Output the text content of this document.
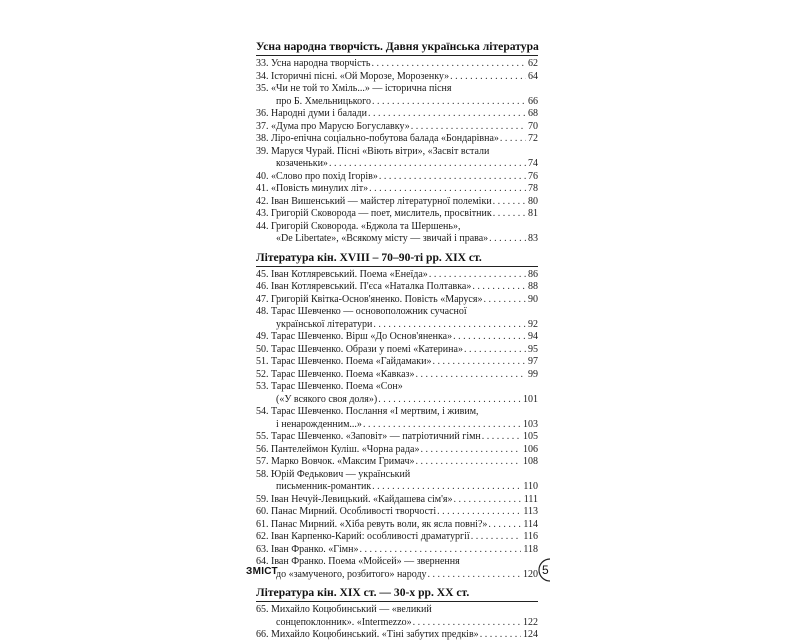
Усна народна творчість. Давня українська література
33. Усна народна творчість . . .	62
34. Історичні пісні. «Ой Морозе, Морозенку» . . .	64
35. «Чи не той то Хміль...» — історична пісня
про Б. Хмельницького . . .	66
36. Народні думи і балади . . .	68
37. «Дума про Марусю Богуславку» . . .	70
38. Ліро-епічна соціально-побутова балада «Бондарівна» . . .	72
39. Маруся Чурай. Пісні «Віють вітри», «Засвіт встали
козаченьки» . . .	74
40. «Слово про похід Ігорів» . . .	76
41. «Повість минулих літ» . . .	78
42. Іван Вишенський — майстер літературної полеміки . . .	80
43. Григорій Сковорода — поет, мислитель, просвітник . . .	81
44. Григорій Сковорода. «Бджола та Шершень»,
«De Libertate», «Всякому місту — звичай і права» . . .	83
Література кін. XVIII – 70–90-ті рр. XIX ст.
45. Іван Котляревський. Поема «Енеїда» . . .	86
46. Іван Котляревський. П'єса «Наталка Полтавка» . . .	88
47. Григорій Квітка-Основ'яненко. Повість «Маруся» . . .	90
48. Тарас Шевченко — основоположник сучасної
української літератури . . .	92
49. Тарас Шевченко. Вірш «До Основ'яненка» . . .	94
50. Тарас Шевченко. Образи у поемі «Катерина» . . .	95
51. Тарас Шевченко. Поема «Гайдамаки» . . .	97
52. Тарас Шевченко. Поема «Кавказ» . . .	99
53. Тарас Шевченко. Поема «Сон»
(«У всякого своя доля») . . .	101
54. Тарас Шевченко. Послання «І мертвим, і живим,
і ненарожденним...» . . .	103
55. Тарас Шевченко. «Заповіт» — патріотичний гімн . . .	105
56. Пантелеймон Куліш. «Чорна рада» . . .	106
57. Марко Вовчок. «Максим Гримач» . . .	108
58. Юрій Федькович — український
письменник-романтик . . .	110
59. Іван Нечуй-Левицький. «Кайдашева сім'я» . . .	111
60. Панас Мирний. Особливості творчості . . .	113
61. Панас Мирний. «Хіба ревуть воли, як ясла повні?» . . .	114
62. Іван Карпенко-Карий: особливості драматургії . . .	116
63. Іван Франко. «Гімн» . . .	118
64. Іван Франко. Поема «Мойсей» — звернення
до «замученого, розбитого» народу . . .	120
Література кін. XIX ст. — 30-х рр. XX ст.
65. Михайло Коцюбинський — «великий
сонцепоклонник». «Intermezzo» . . .	122
66. Михайло Коцюбинський. «Тіні забутих предків» . . .	124
ЗМІСТ	5
